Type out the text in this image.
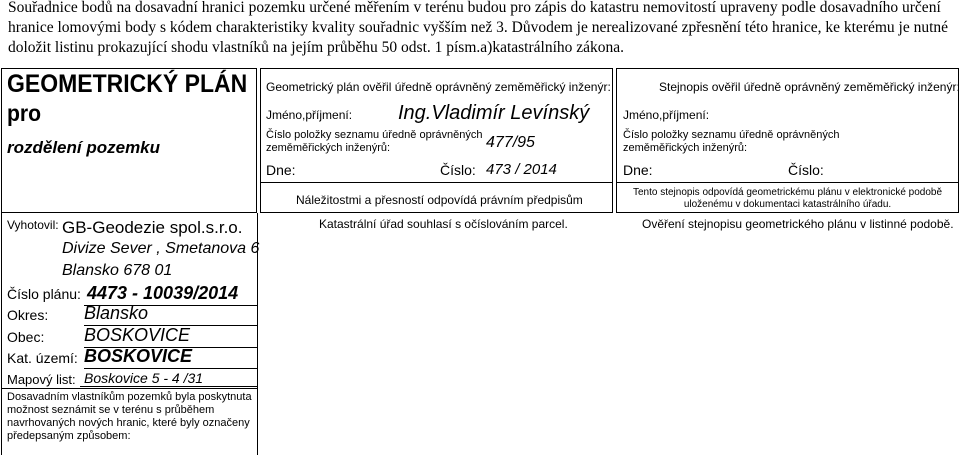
Souřadnice bodů na dosavadní hranici pozemku určené měřením v terénu budou pro zápis do katastru nemovitostí upraveny podle dosavadního určení
hranice lomovými body s kódem charakteristiky kvality souřadnic vyšším než 3. Důvodem je nerealizované zpřesnění této hranice, ke kterému je nutné
doložit listinu prokazující shodu vlastníků na jejím průběhu 50 odst. 1 písm.a)katastrálního zákona.
GEOMETRICKÝ PLÁN
pro
rozdělení pozemku
Geometrický plán ověřil úředně oprávněný zeměměřický inženýr:
Jméno,příjmení: Ing.Vladimír Levínský
Číslo položky seznamu úředně oprávněných
zeměměřických inženýrů:	477/95
Dne:	Číslo: 473 / 2014
Náležitostmi a přesností odpovídá právním předpisům
Katastrální úřad souhlasí s očíslováním parcel.
Stejnopis ověřil úředně oprávněný zeměměřický inženýr:
Jméno,příjmení:
Číslo položky seznamu úředně oprávněných
zeměměřických inženýrů:
Dne:	Číslo:
Tento stejnopis odpovídá geometrickému plánu v elektronické podobě
uloženému v dokumentaci katastrálního úřadu.
Ověření stejnopisu geometrického plánu v listinné podobě.
Vyhotovil: GB-Geodezie spol.s.r.o.
Divize Sever , Smetanova 6
Blansko 678 01
Číslo plánu: 4473 - 10039/2014
Okres: Blansko
Obec: BOSKOVICE
Kat. území: BOSKOVICE
Mapový list: Boskovice 5 - 4 /31
Dosavadním vlastníkům pozemků byla poskytnuta
možnost seznámit se v terénu s průběhem
navrhovaných nových hranic, které byly označeny
předepsaným způsobem:
